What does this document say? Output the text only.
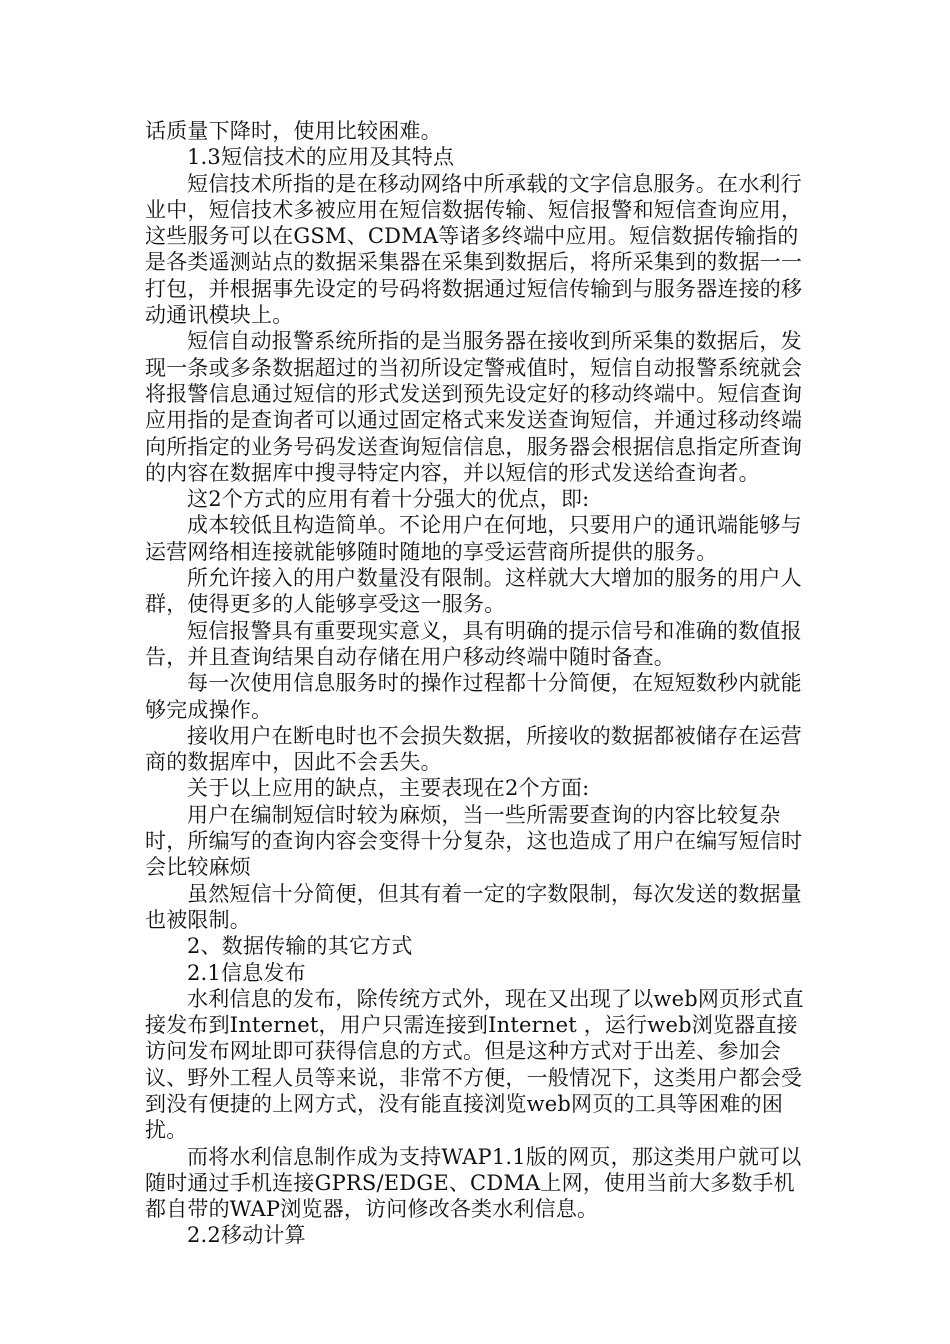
话质量下降时，使用比较困难。

1.3短信技术的应用及其特点

短信技术所指的是在移动网络中所承载的文字信息服务。在水利行业中，短信技术多被应用在短信数据传输、短信报警和短信查询应用，这些服务可以在GSM、CDMA等诸多终端中应用。短信数据传输指的是各类遥测站点的数据采集器在采集到数据后，将所采集到的数据一一打包，并根据事先设定的号码将数据通过短信传输到与服务器连接的移动通讯模块上。

短信自动报警系统所指的是当服务器在接收到所采集的数据后，发现一条或多条数据超过的当初所设定警戒值时，短信自动报警系统就会将报警信息通过短信的形式发送到预先设定好的移动终端中。短信查询应用指的是查询者可以通过固定格式来发送查询短信，并通过移动终端向所指定的业务号码发送查询短信信息，服务器会根据信息指定所查询的内容在数据库中搜寻特定内容，并以短信的形式发送给查询者。

这2个方式的应用有着十分强大的优点，即:

成本较低且构造简单。不论用户在何地，只要用户的通讯端能够与运营网络相连接就能够随时随地的享受运营商所提供的服务。

所允许接入的用户数量没有限制。这样就大大增加的服务的用户人群，使得更多的人能够享受这一服务。

短信报警具有重要现实意义，具有明确的提示信号和准确的数值报告，并且查询结果自动存储在用户移动终端中随时备查。

每一次使用信息服务时的操作过程都十分简便，在短短数秒内就能够完成操作。

接收用户在断电时也不会损失数据，所接收的数据都被储存在运营商的数据库中，因此不会丢失。

关于以上应用的缺点，主要表现在2个方面:

用户在编制短信时较为麻烦，当一些所需要查询的内容比较复杂时，所编写的查询内容会变得十分复杂，这也造成了用户在编写短信时会比较麻烦

虽然短信十分简便，但其有着一定的字数限制，每次发送的数据量也被限制。

2、数据传输的其它方式

2.1信息发布

水利信息的发布，除传统方式外，现在又出现了以web网页形式直接发布到Internet，用户只需连接到Internet ，运行web浏览器直接访问发布网址即可获得信息的方式。但是这种方式对于出差、参加会议、野外工程人员等来说，非常不方便，一般情况下，这类用户都会受到没有便捷的上网方式，没有能直接浏览web网页的工具等困难的困扰。

而将水利信息制作成为支持WAP1.1版的网页，那这类用户就可以随时通过手机连接GPRS/EDGE、CDMA上网，使用当前大多数手机都自带的WAP浏览器，访问修改各类水利信息。

2.2移动计算
